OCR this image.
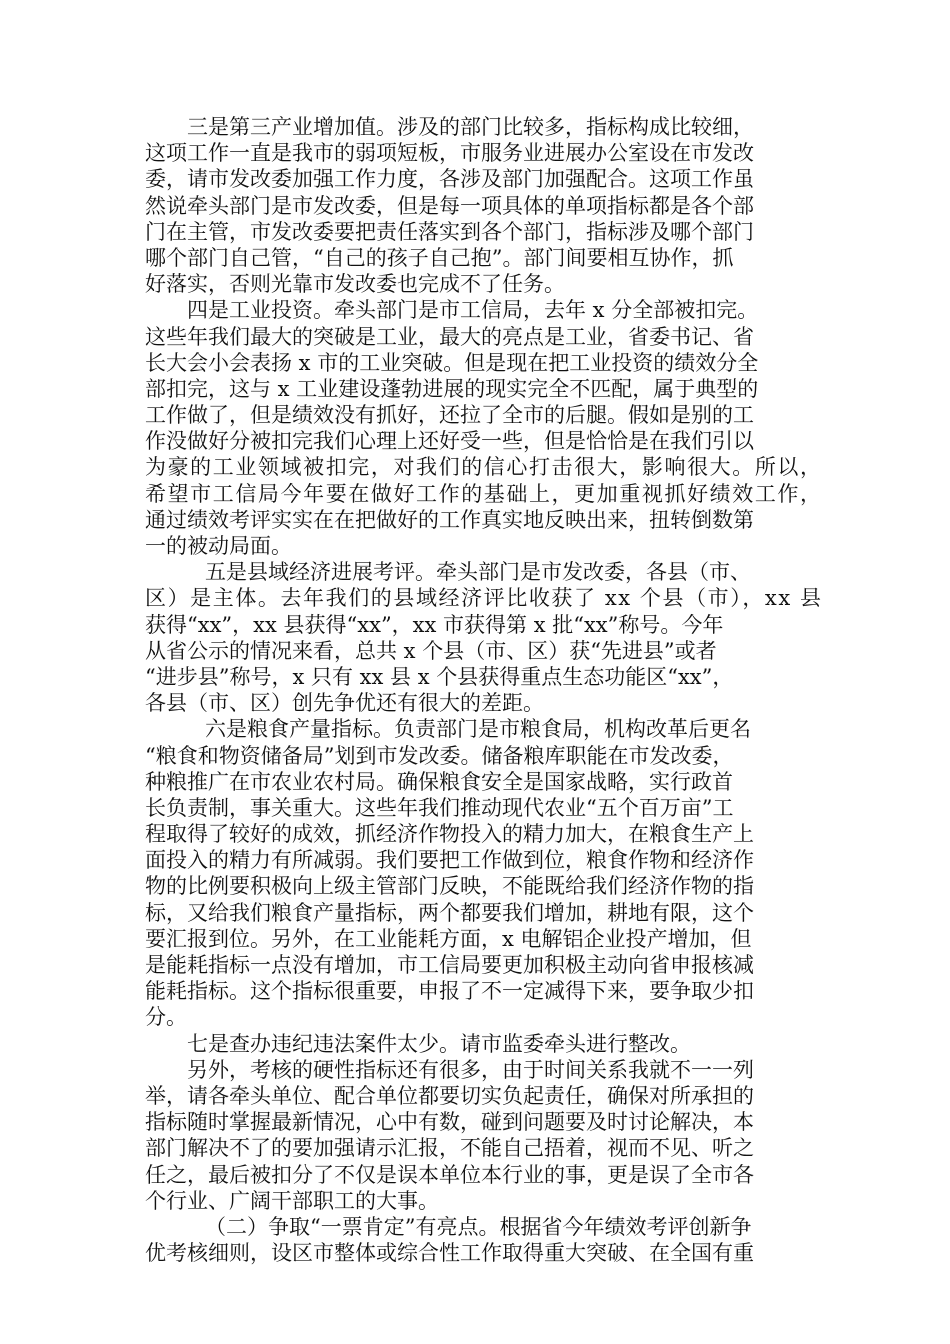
三是第三产业增加值。涉及的部门比较多，指标构成比较细，
这项工作一直是我市的弱项短板，市服务业进展办公室设在市发改
委，请市发改委加强工作力度，各涉及部门加强配合。这项工作虽
然说牵头部门是市发改委，但是每一项具体的单项指标都是各个部
门在主管，市发改委要把责任落实到各个部门，指标涉及哪个部门
哪个部门自己管，“自己的孩子自己抱”。部门间要相互协作，抓
好落实，否则光靠市发改委也完成不了任务。
四是工业投资。牵头部门是市工信局，去年 x 分全部被扣完。
这些年我们最大的突破是工业，最大的亮点是工业，省委书记、省
长大会小会表扬 x 市的工业突破。但是现在把工业投资的绩效分全
部扣完，这与 x 工业建设蓬勃进展的现实完全不匹配，属于典型的
工作做了，但是绩效没有抓好，还拉了全市的后腿。假如是别的工
作没做好分被扣完我们心理上还好受一些，但是恰恰是在我们引以
为豪的工业领域被扣完，对我们的信心打击很大，影响很大。所以，
希望市工信局今年要在做好工作的基础上，更加重视抓好绩效工作，
通过绩效考评实实在在把做好的工作真实地反映出来，扭转倒数第
一的被动局面。
五是县域经济进展考评。牵头部门是市发改委，各县（市、
区）是主体。去年我们的县域经济评比收获了 xx 个县（市），xx 县
获得“xx”，xx 县获得“xx”，xx 市获得第 x 批“xx”称号。今年
从省公示的情况来看，总共 x 个县（市、区）获“先进县”或者
“进步县”称号，x 只有 xx 县 x 个县获得重点生态功能区“xx”，
各县（市、区）创先争优还有很大的差距。
六是粮食产量指标。负责部门是市粮食局，机构改革后更名
“粮食和物资储备局”划到市发改委。储备粮库职能在市发改委，
种粮推广在市农业农村局。确保粮食安全是国家战略，实行政首
长负责制，事关重大。这些年我们推动现代农业“五个百万亩”工
程取得了较好的成效，抓经济作物投入的精力加大，在粮食生产上
面投入的精力有所减弱。我们要把工作做到位，粮食作物和经济作
物的比例要积极向上级主管部门反映，不能既给我们经济作物的指
标，又给我们粮食产量指标，两个都要我们增加，耕地有限，这个
要汇报到位。另外，在工业能耗方面，x 电解铝企业投产增加，但
是能耗指标一点没有增加，市工信局要更加积极主动向省申报核减
能耗指标。这个指标很重要，申报了不一定减得下来，要争取少扣
分。
七是查办违纪违法案件太少。请市监委牵头进行整改。
另外，考核的硬性指标还有很多，由于时间关系我就不一一列
举，请各牵头单位、配合单位都要切实负起责任，确保对所承担的
指标随时掌握最新情况，心中有数，碰到问题要及时讨论解决，本
部门解决不了的要加强请示汇报，不能自己捂着，视而不见、听之
任之，最后被扣分了不仅是误本单位本行业的事，更是误了全市各
个行业、广阔干部职工的大事。
（二）争取“一票肯定”有亮点。根据省今年绩效考评创新争
优考核细则，设区市整体或综合性工作取得重大突破、在全国有重
